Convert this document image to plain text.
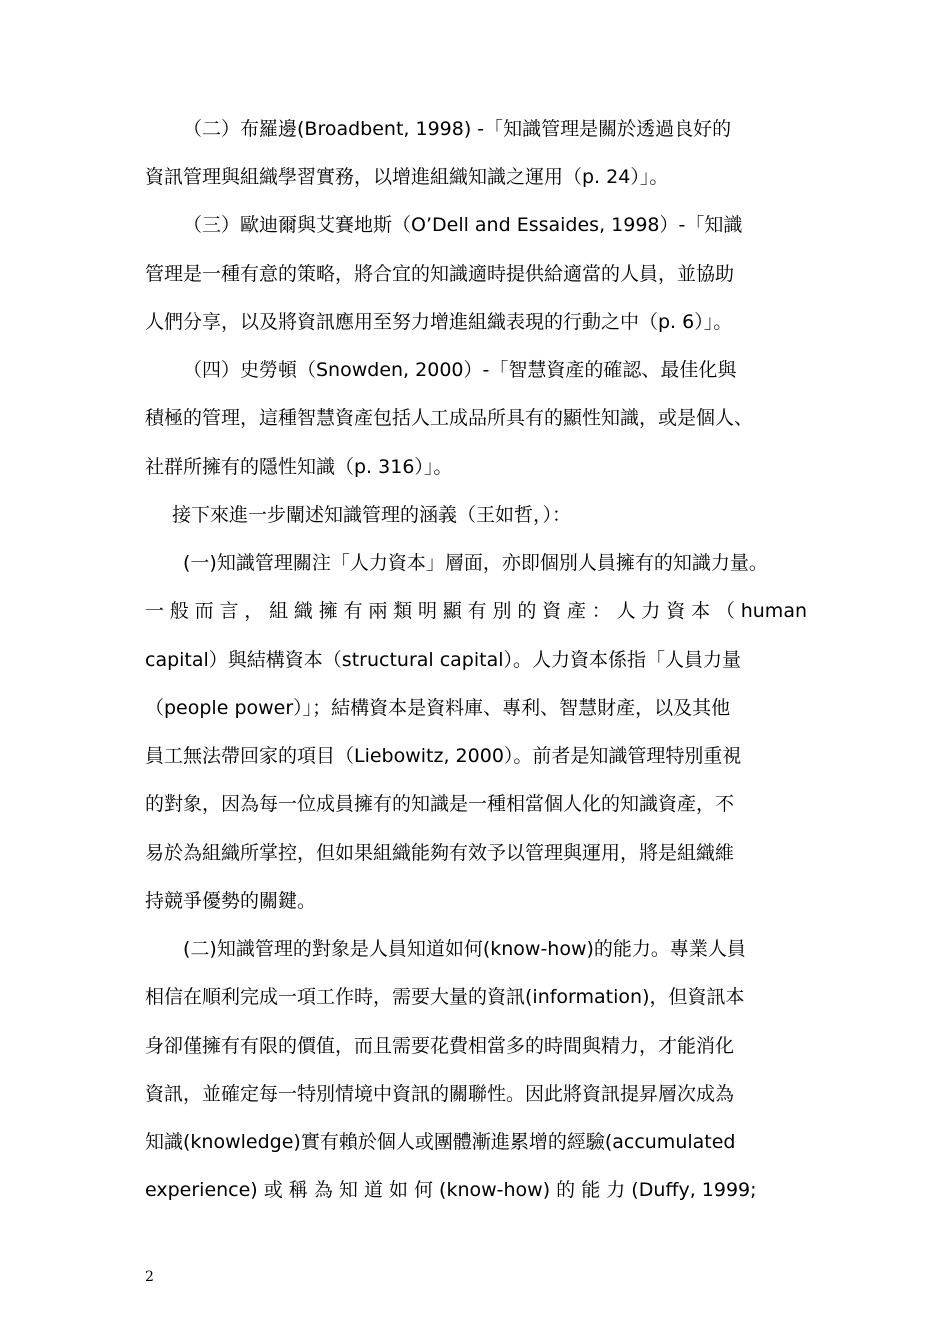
（二）布羅邊(Broadbent, 1998) -「知識管理是關於透過良好的
資訊管理與組織學習實務，以增進組織知識之運用（p. 24）」。
（三）歐迪爾與艾賽地斯（O’Dell and Essaides, 1998）-「知識
管理是一種有意的策略，將合宜的知識適時提供給適當的人員，並協助
人們分享，以及將資訊應用至努力增進組織表現的行動之中（p. 6）」。
（四）史勞頓（Snowden, 2000）-「智慧資產的確認、最佳化與
積極的管理，這種智慧資產包括人工成品所具有的顯性知識，或是個人、
社群所擁有的隱性知識（p. 316）」。
接下來進一步闡述知識管理的涵義（王如哲，）：
(一)知識管理關注「人力資本」層面，亦即個別人員擁有的知識力量。
一般而言，組織擁有兩類明顯有別的資產：人力資本（human
capital）與結構資本（structural capital）。人力資本係指「人員力量
（people power）」；結構資本是資料庫、專利、智慧財產，以及其他
員工無法帶回家的項目（Liebowitz, 2000）。前者是知識管理特別重視
的對象，因為每一位成員擁有的知識是一種相當個人化的知識資產，不
易於為組織所掌控，但如果組織能夠有效予以管理與運用，將是組織維
持競爭優勢的關鍵。
(二)知識管理的對象是人員知道如何(know-how)的能力。專業人員
相信在順利完成一項工作時，需要大量的資訊(information)，但資訊本
身卻僅擁有有限的價值，而且需要花費相當多的時間與精力，才能消化
資訊，並確定每一特別情境中資訊的關聯性。因此將資訊提昇層次成為
知識(knowledge)實有賴於個人或團體漸進累增的經驗(accumulated
experience) 或 稱 為 知 道 如 何 (know-how) 的 能 力 (Duffy, 1999;
2
